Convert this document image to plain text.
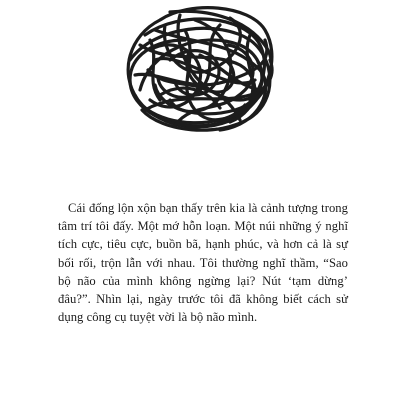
Cái đống lộn xộn bạn thấy trên kia là cảnh tượng trong tâm trí tôi đấy. Một mớ hỗn loạn. Một núi những ý nghĩ tích cực, tiêu cực, buồn bã, hạnh phúc, và hơn cả là sự bối rối, trộn lẫn với nhau. Tôi thường nghĩ thầm, “Sao bộ não của mình không ngừng lại? Nút ‘tạm dừng’ đâu?”. Nhìn lại, ngày trước tôi đã không biết cách sử dụng công cụ tuyệt vời là bộ não mình.
